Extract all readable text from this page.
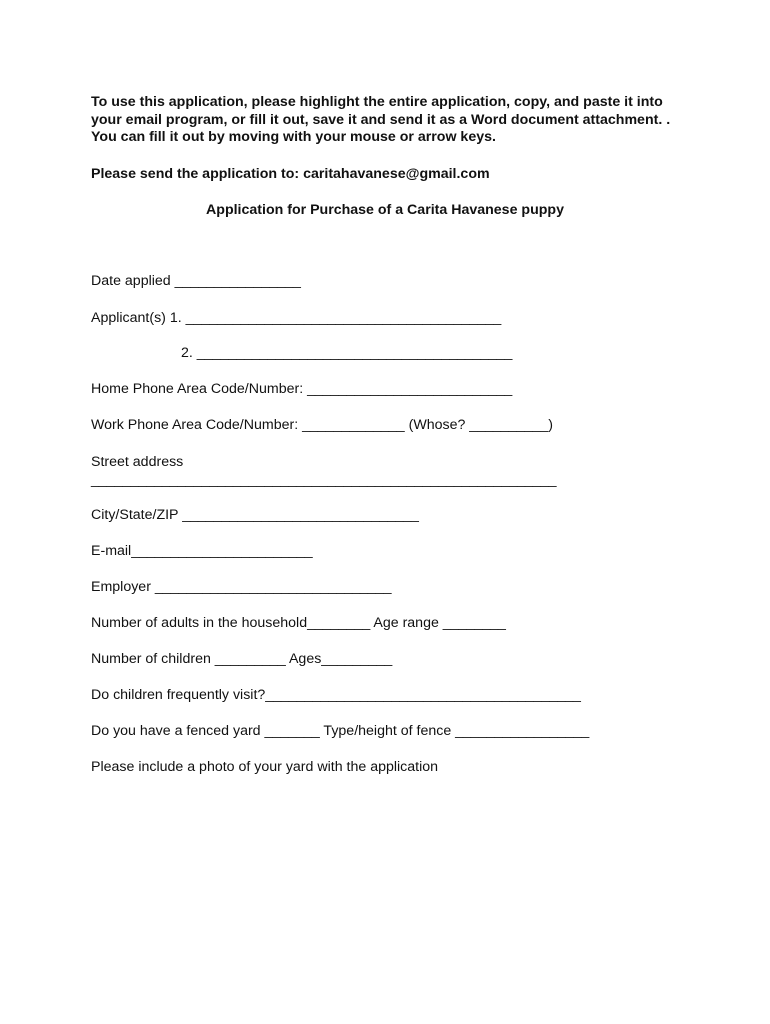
To use this application, please highlight the entire application, copy, and paste it into your email program, or fill it out, save it and send it as a Word document attachment. . You can fill it out by moving with your mouse or arrow keys.

Please send the application to: caritahavanese@gmail.com

Application for Purchase of a Carita Havanese puppy

Date applied ________________

Applicant(s) 1. ________________________________________

2. ________________________________________

Home Phone Area Code/Number: __________________________

Work Phone Area Code/Number: _____________ (Whose? __________)

Street address

___________________________________________________________

City/State/ZIP ______________________________

E-mail_______________________

Employer ______________________________

Number of adults in the household________ Age range ________

Number of children _________ Ages_________

Do children frequently visit?________________________________________

Do you have a fenced yard _______ Type/height of fence _________________

Please include a photo of your yard with the application
